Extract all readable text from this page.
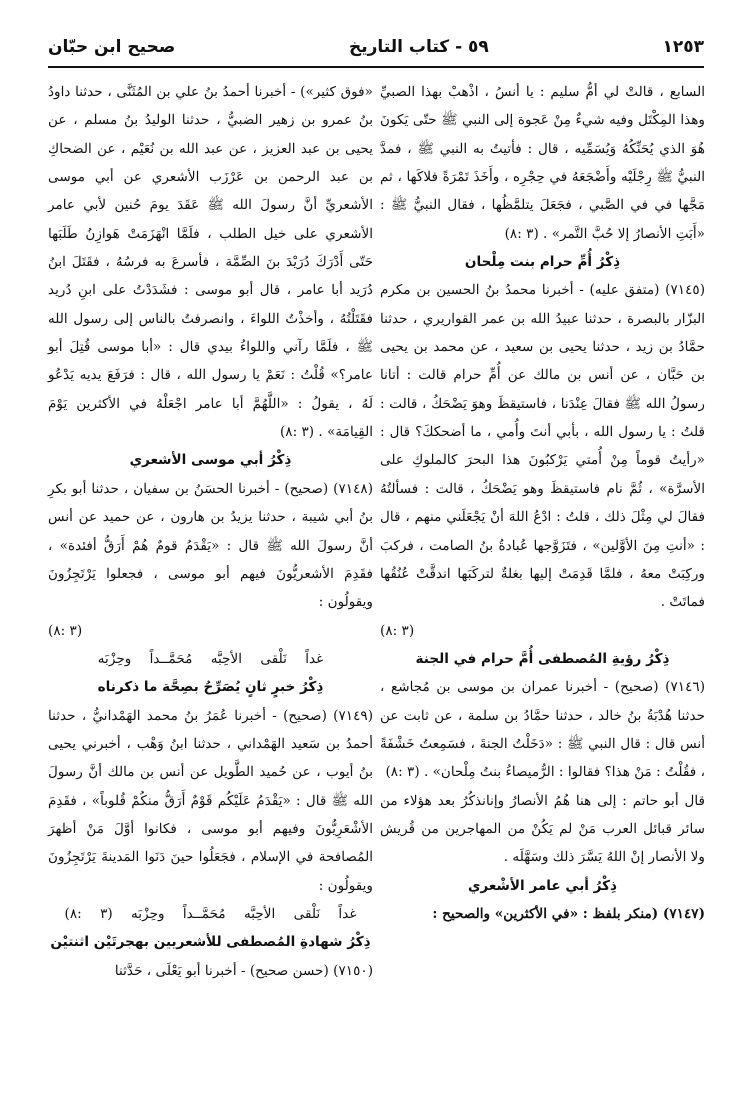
١٢٥٣
٥٩ - كتاب التاريخ
صحيح ابن حبّان

السابع ، قالتْ لي أمُّ سليم : يا أنسُ ، اذْهبْ بهذا الصبيِّ وهذا المِكْتَل وفيه شيءٌ مِنْ عَجوة إلى النبي ﷺ حتّى يَكونَ هُوَ الذي يُحَنِّكُهُ وَيُسَمِّيه ، قال : فأتيتُ به النبي ﷺ ، فمدَّ النبيُّ ﷺ رِجْلَيْه وأَضْجَعَهُ في حِجْرِه ، وأَخَذَ تَمْرَةً فلاكَها ، ثم مَجَّها في في الصَّبي ، فجَعَلَ يتلمَّظُها ، فقال النبيُّ ﷺ : «أَبَتِ الأنصارُ إلا حُبَّ التَّمر» . (٣ :٨)

ذِكْرُ أُمِّ حرام بنت مِلْحان

(٧١٤٥) (متفق عليه) - أخبرنا محمدُ بنُ الحسين بن مكرم البزّار بالبصرة ، حدثنا عبيدُ الله بن عمر القواريري ، حدثنا حمَّادُ بن زيد ، حدثنا يحيى بن سعيد ، عن محمد بن يحيى بن حَبَّان ، عن أنس بن مالك عن أُمِّ حرام قالت : أتانا رسولُ الله ﷺ فقالَ عِنْدَنا ، فاستيقظَ وهوَ يَضْحَكُ ، قالت : قلتُ : يا رسول الله ، بأبي أنتَ وأُمي ، ما أضحككَ؟ قال : «رأيتُ قوماً مِنْ أُمتي يَرْكبُونَ هذا البحرَ كالملوكِ على الأسرَّة» ، ثُمَّ نام فاستيقظَ وهو يَضْحَكُ ، قالت : فسألتُهُ فقالَ لي مِثْلَ ذلك ، قلتُ : ادْعُ اللهَ أنْ يَجْعَلَني منهم ، قال : «أنتِ مِنَ الأوَّلين» ، فتَزَوَّجها عُبادةُ بنُ الصامت ، فركبَ وركِبَتْ معهُ ، فلمَّا قَدِمَتْ إليها بغلةٌ لتركَبَها اندقَّتْ عُنُقُها فماتَتْ .

(٣ :٨)

ذِكْرُ رؤيةِ المُصطفى أُمَّ حرام في الجنة

(٧١٤٦) (صحيح) - أخبرنا عمران بن موسى بن مُجاشع ، حدثنا هُدْبَةُ بنُ خالد ، حدثنا حمَّادُ بن سلمة ، عن ثابت عن أنس قال : قال النبي ﷺ : «دَخَلْتُ الجنةَ ، فسَمِعتُ خَشْفَةً ، فقُلْتُ : مَنْ هذا؟ فقالوا : الرُّميصاءُ بنتُ مِلْحان» . (٣ :٨)

قال أبو حاتم : إلى هنا هُمُ الأنصارُ وإنانذكُرُ بعد هؤلاء من سائر قبائل العرب مَنْ لم يَكُنْ من المهاجرين من قُريش ولا الأنصار إنْ اللهُ يَسَّرَ ذلك وسَهَّلَه .

ذِكْرُ أبي عامر الأشْعري

(٧١٤٧) (منكر بلفظ : «في الأكثرين» والصحيح :

«فوق كثير») - أخبرنا أحمدُ بنُ علي بن المُثَنَّى ، حدثنا داودُ بنُ عمرو بن زهير الضبيُّ ، حدثنا الوليدُ بنُ مسلم ، عن يحيى بن عبد العزيز ، عن عبد الله بن نُعَيْم ، عن الضحاكِ بن عبد الرحمن بن عَرْزَب الأشعري عن أبي موسى الأشعريِّ أنَّ رسولَ الله ﷺ عَقَدَ يومَ حُنين لأبي عامر الأشعري على خيل الطلب ، فلَمَّا انْهَزَمَتْ هَوازِنُ طَلَبَها حَتّى أَدْرَكَ دُرَيْدَ بنَ الصِّمَّة ، فأسرعَ به فرسُهُ ، فقَتَلَ ابنُ دُرَيد أبا عامر ، قال أبو موسى : فشَدَدْتُ على ابنِ دُريد فقَتَلْتُهُ ، وأخذْتُ اللواءَ ، وانصرفتُ بالناس إلى رسول الله ﷺ ، فلَمَّا رآني واللواءُ بيدي قال : «أبا موسى قُتِلَ أبو عامر؟» قُلْتُ : نَعَمْ يا رسول الله ، قال : فرَفَعَ يديه يَدْعُو لَهُ ، يقولُ : «اللَّهُمَّ أبا عامر اجْعَلْهُ في الأكثرين يَوْمَ القِيامَة» . (٣ :٨)

ذِكْرُ أبي موسى الأشعري

(٧١٤٨) (صحيح) - أخبرنا الحسَنُ بن سفيان ، حدثنا أبو بكرِ بنُ أبي شيبة ، حدثنا يزيدُ بن هارون ، عن حميد عن أنس أنَّ رسولَ الله ﷺ قال : «يَقْدَمُ قومٌ هُمْ أَرَقُّ أفئدة» ، فقَدِمَ الأشعريُّونَ فيهم أبو موسى ، فجعلوا يَرْتَجِزُونَ ويقولُون :

(٣ :٨)

غداً نَلْقى الأحِبَّه مُحَمَّــداً وحِزْبَه

ذِكْرُ خبرٍ ثانٍ يُصَرِّحُ بصِحَّة ما ذكرناه

(٧١٤٩) (صحيح) - أخبرنا عُمَرُ بنُ محمد الهَمْدانيُّ ، حدثنا أحمدُ بن سَعيد الهَمْداني ، حدثنا ابنُ وَهْب ، أخبرني يحيى بنُ أيوب ، عن حُميد الطَّويل عن أنس بن مالك أنَّ رسولَ الله ﷺ قال : «يَقْدَمُ عَلَيْكُم قَوْمٌ أَرَقُّ منكُمْ قُلوباً» ، فقَدِمَ الأشْعَرِيُّونَ وفيهم أبو موسى ، فكانوا أوَّلَ مَنْ أظهرَ المُصافحة في الإسلام ، فجَعَلُوا حينَ دَنَوا المَدينةَ يَرْتَجِزُونَ ويقولُون :

غداً نَلْقى الأحِبَّه مُحَمَّــداً وحِزْبَه (٣ :٨)

ذِكْرُ شهادةِ المُصطفى للأشعريين بهجرتَيْن اثنتيْن

(٧١٥٠) (حسن صحيح) - أخبرنا أبو يَعْلَى ، حَدَّثنا
